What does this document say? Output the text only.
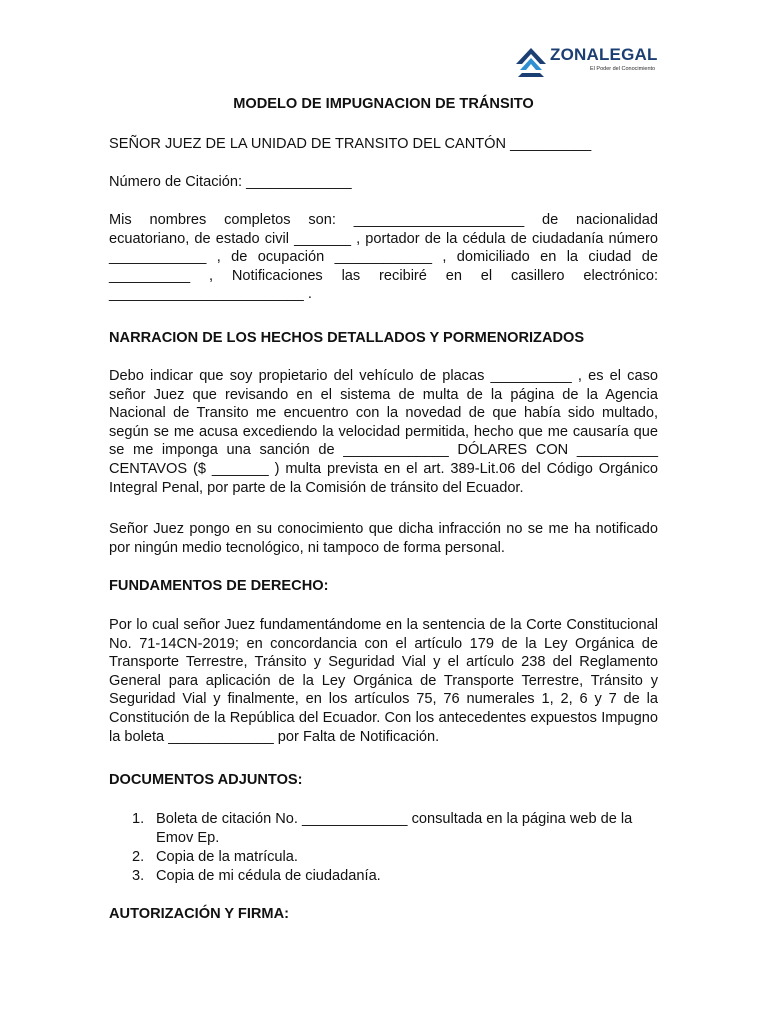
ZONALEGAL
El Poder del Conocimiento
MODELO DE IMPUGNACION DE TRÁNSITO

SEÑOR JUEZ DE LA UNIDAD DE TRANSITO DEL CANTÓN __________

Número de Citación: _____________

Mis nombres completos son: _____________________ de nacionalidad ecuatoriano, de estado civil _______ , portador de la cédula de ciudadanía número ____________ , de ocupación ____________ , domiciliado en la ciudad de __________ , Notificaciones las recibiré en el casillero electrónico: ________________________ .

NARRACION DE LOS HECHOS DETALLADOS Y PORMENORIZADOS

Debo indicar que soy propietario del vehículo de placas __________ , es el caso señor Juez que revisando en el sistema de multa de la página de la Agencia Nacional de Transito me encuentro con la novedad de que había sido multado, según se me acusa excediendo la velocidad permitida, hecho que me causaría que se me imponga una sanción de _____________ DÓLARES CON __________ CENTAVOS ($ _______ ) multa prevista en el art. 389-Lit.06 del Código Orgánico Integral Penal, por parte de la Comisión de tránsito del Ecuador.

Señor Juez pongo en su conocimiento que dicha infracción no se me ha notificado por ningún medio tecnológico, ni tampoco de forma personal.

FUNDAMENTOS DE DERECHO:

Por lo cual señor Juez fundamentándome en la sentencia de la Corte Constitucional No. 71-14CN-2019; en concordancia con el artículo 179 de la Ley Orgánica de Transporte Terrestre, Tránsito y Seguridad Vial y el artículo 238 del Reglamento General para aplicación de la Ley Orgánica de Transporte Terrestre, Tránsito y Seguridad Vial y finalmente, en los artículos 75, 76 numerales 1, 2, 6 y 7 de la Constitución de la República del Ecuador. Con los antecedentes expuestos Impugno la boleta _____________ por Falta de Notificación.

DOCUMENTOS ADJUNTOS:

1. Boleta de citación No. _____________ consultada en la página web de la Emov Ep.
2. Copia de la matrícula.
3. Copia de mi cédula de ciudadanía.

AUTORIZACIÓN Y FIRMA:
